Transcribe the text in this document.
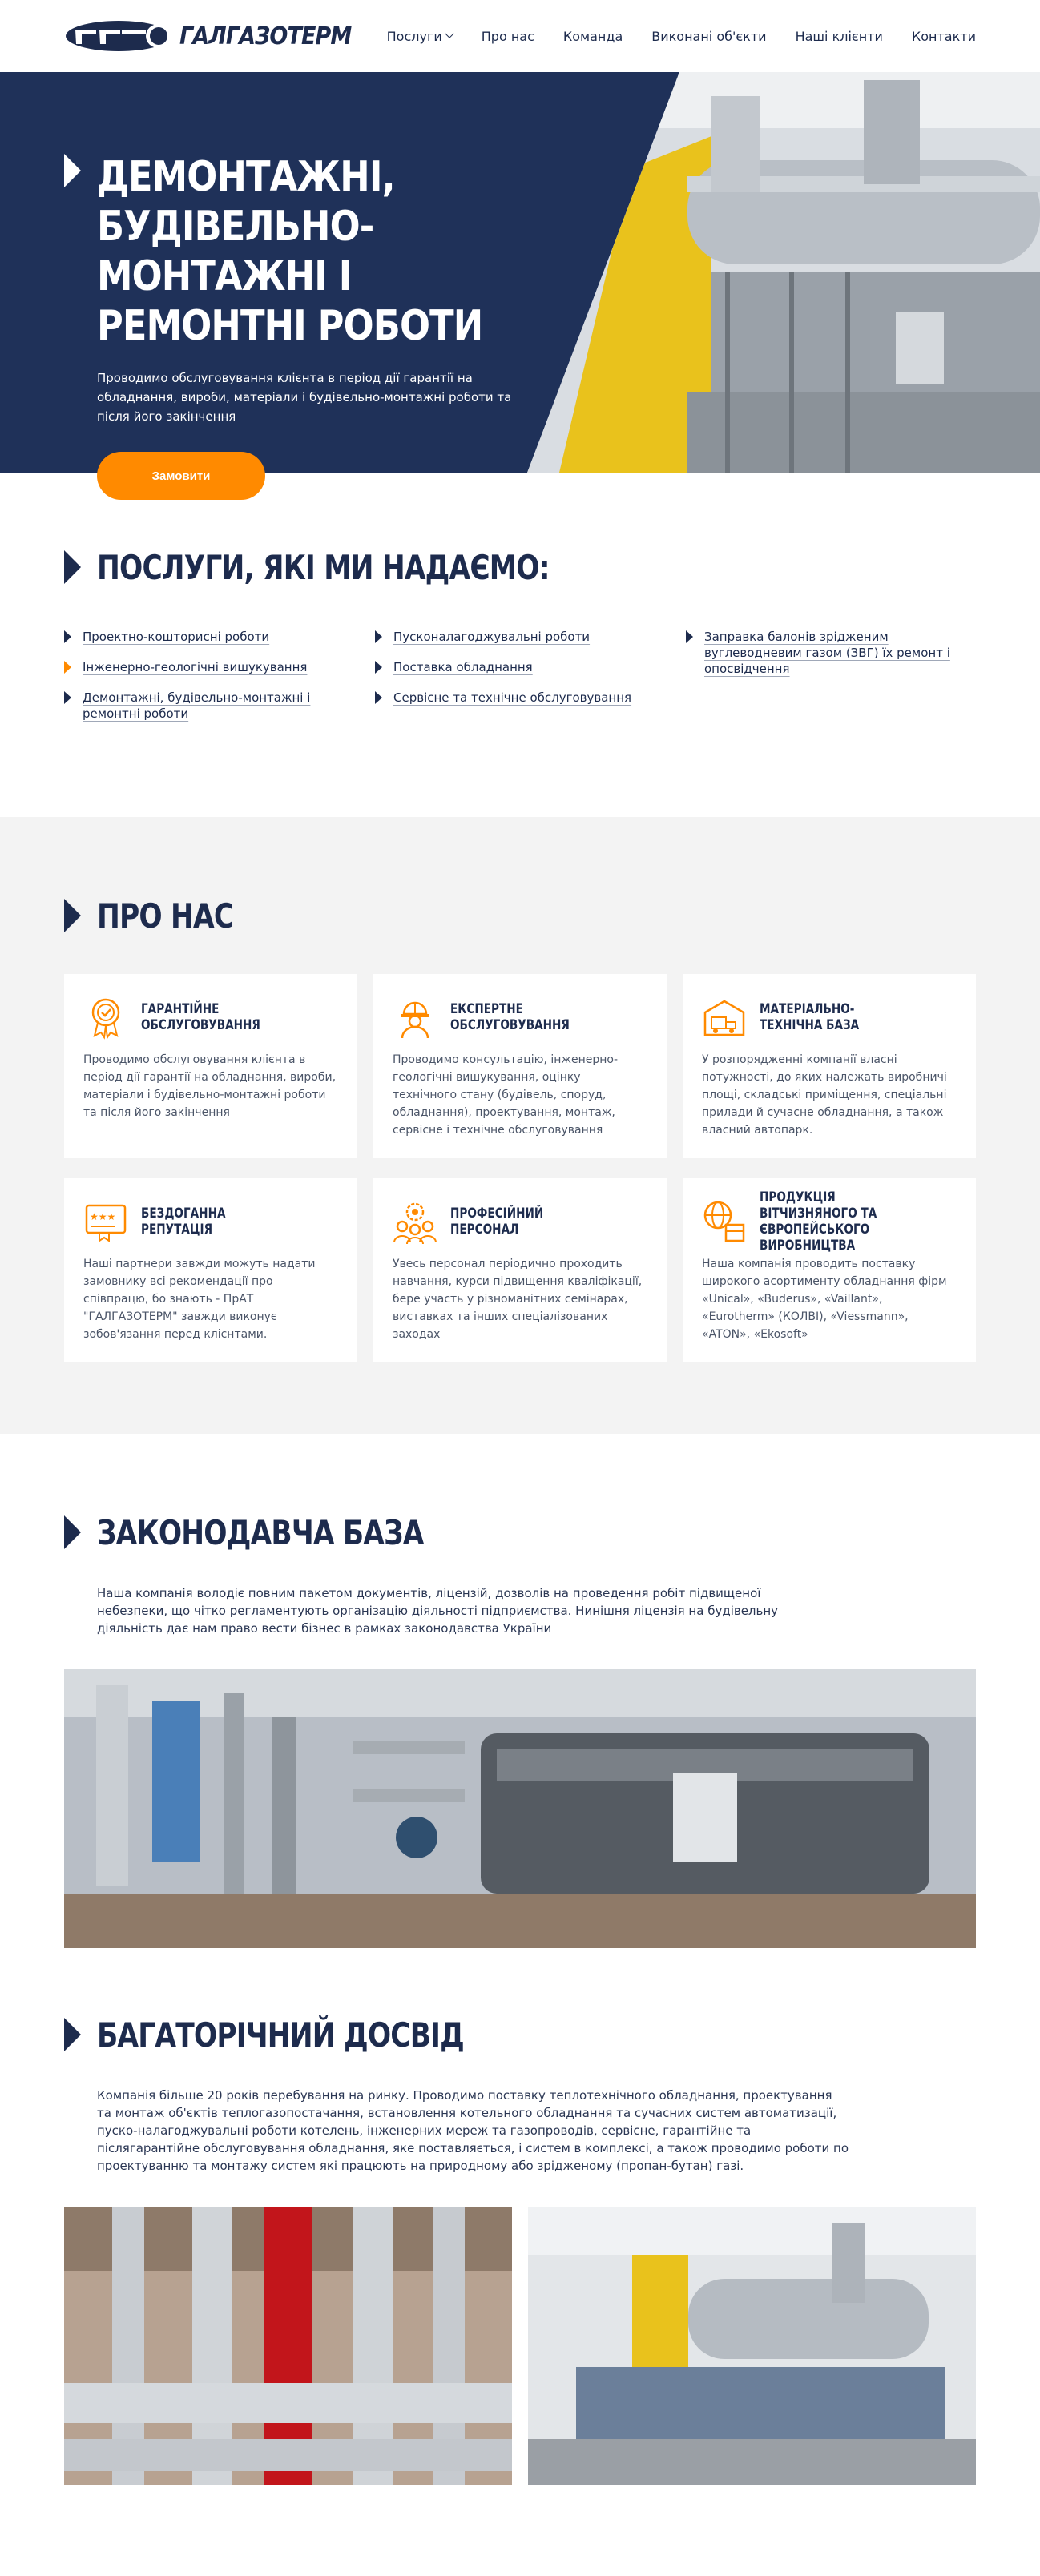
ГАЛГАЗОТЕРМ	Послуги	Про нас Команда Виконані об'єкти Наші клієнти Контакти
ДЕМОНТАЖНІ, БУДІВЕЛЬНО-МОНТАЖНІ І РЕМОНТНІ РОБОТИ

Проводимо обслуговування клієнта в період дії гарантії на обладнання, вироби, матеріали і будівельно-монтажні роботи та після його закінчення

Замовити
ПОСЛУГИ, ЯКІ МИ НАДАЄМО:
Проектно-кошторисні роботи
Інженерно-геологічні вишукування
Демонтажні, будівельно-монтажні і ремонтні роботи
Пусконалагоджувальні роботи
Поставка обладнання
Сервісне та технічне обслуговування
Заправка балонів зрідженим вуглеводневим газом (ЗВГ) їх ремонт і опосвідчення
ПРО НАС
ГАРАНТІЙНЕ ОБСЛУГОВУВАННЯ

Проводимо обслуговування клієнта в період дії гарантії на обладнання, вироби, матеріали і будівельно-монтажні роботи та після його закінчення

ЕКСПЕРТНЕ ОБСЛУГОВУВАННЯ

Проводимо консультацію, інженерно-геологічні вишукування, оцінку технічного стану (будівель, споруд, обладнання), проектування, монтаж, сервісне і технічне обслуговування

МАТЕРІАЛЬНО-ТЕХНІЧНА БАЗА

У розпорядженні компанії власні потужності, до яких належать виробничі площі, складські приміщення, спеціальні прилади й сучасне обладнання, а також власний автопарк.

★★★ БЕЗДОГАННА РЕПУТАЦІЯ

Наші партнери завжди можуть надати замовнику всі рекомендації про співпрацю, бо знають - ПрАТ "ГАЛГАЗОТЕРМ" завжди виконує зобов'язання перед клієнтами.

ПРОФЕСІЙНИЙ ПЕРСОНАЛ

Увесь персонал періодично проходить навчання, курси підвищення кваліфікації, бере участь у різноманітних семінарах, виставках та інших спеціалізованих заходах

ПРОДУКЦІЯ ВІТЧИЗНЯНОГО ТА ЄВРОПЕЙСЬКОГО ВИРОБНИЦТВА

Наша компанія проводить поставку широкого асортименту обладнання фірм «Unical», «Buderus», «Vaillant», «Eurotherm» (КОЛВІ), «Viessmann», «ATON», «Ekosoft»

ЗАКОНОДАВЧА БАЗА

Наша компанія володіє повним пакетом документів, ліцензій, дозволів на проведення робіт підвищеної небезпеки, що чітко регламентують організацію діяльності підприємства. Нинішня ліцензія на будівельну діяльність дає нам право вести бізнес в рамках законодавства України

БАГАТОРІЧНИЙ ДОСВІД

Компанія більше 20 років перебування на ринку. Проводимо поставку теплотехнічного обладнання, проектування та монтаж об'єктів теплогазопостачання, встановлення котельного обладнання та сучасних систем автоматизації, пуско-налагоджувальні роботи котелень, інженерних мереж та газопроводів, сервісне, гарантійне та післягарантійне обслуговування обладнання, яке поставляється, і систем в комплексі, а також проводимо роботи по проектуванню та монтажу систем які працюють на природному або зрідженому (пропан-бутан) газі.
